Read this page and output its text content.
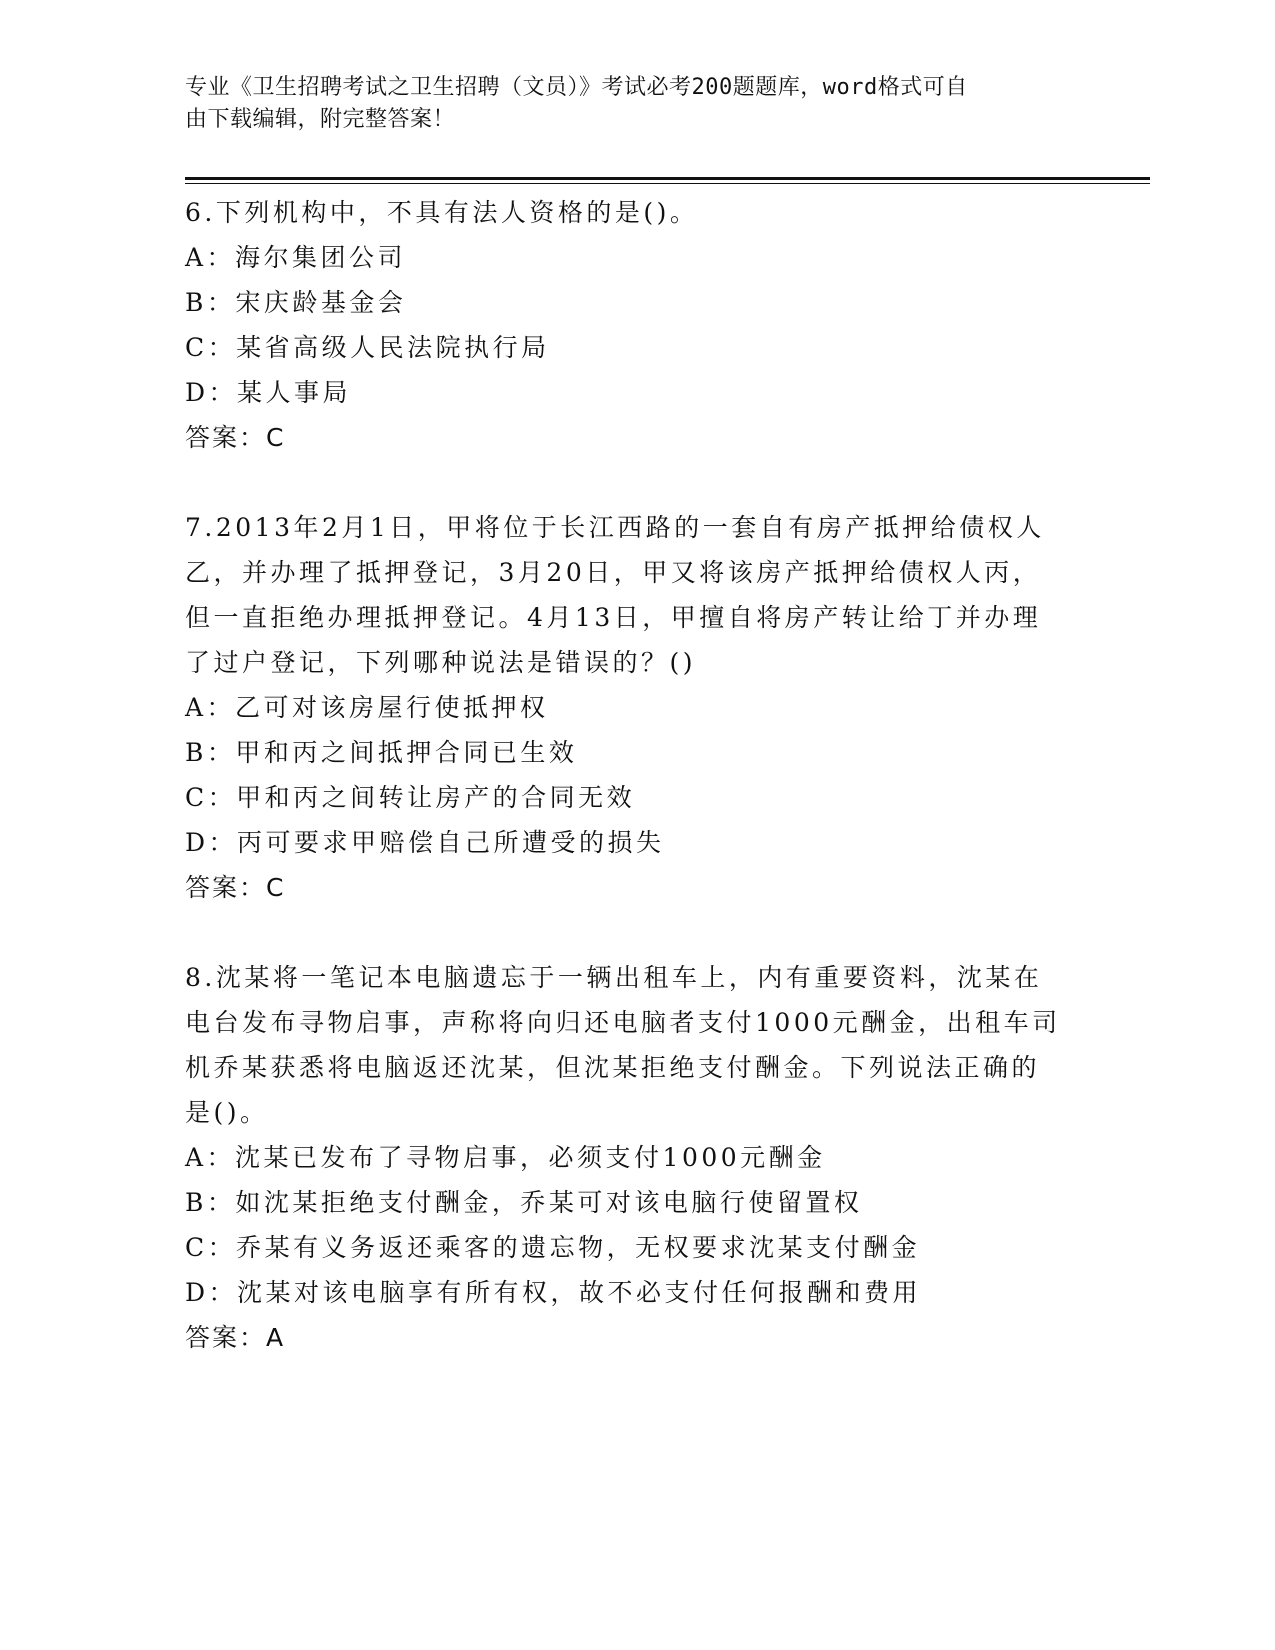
专业《卫生招聘考试之卫生招聘（文员）》考试必考200题题库，word格式可自
由下载编辑，附完整答案！
6.下列机构中，不具有法人资格的是()。
A：海尔集团公司
B：宋庆龄基金会
C：某省高级人民法院执行局
D：某人事局
答案：C
7.2013年2月1日，甲将位于长江西路的一套自有房产抵押给债权人
乙，并办理了抵押登记，3月20日，甲又将该房产抵押给债权人丙，
但一直拒绝办理抵押登记。4月13日，甲擅自将房产转让给丁并办理
了过户登记，下列哪种说法是错误的？()
A：乙可对该房屋行使抵押权
B：甲和丙之间抵押合同已生效
C：甲和丙之间转让房产的合同无效
D：丙可要求甲赔偿自己所遭受的损失
答案：C
8.沈某将一笔记本电脑遗忘于一辆出租车上，内有重要资料，沈某在
电台发布寻物启事，声称将向归还电脑者支付1000元酬金，出租车司
机乔某获悉将电脑返还沈某，但沈某拒绝支付酬金。下列说法正确的
是()。
A：沈某已发布了寻物启事，必须支付1000元酬金
B：如沈某拒绝支付酬金，乔某可对该电脑行使留置权
C：乔某有义务返还乘客的遗忘物，无权要求沈某支付酬金
D：沈某对该电脑享有所有权，故不必支付任何报酬和费用
答案：A
